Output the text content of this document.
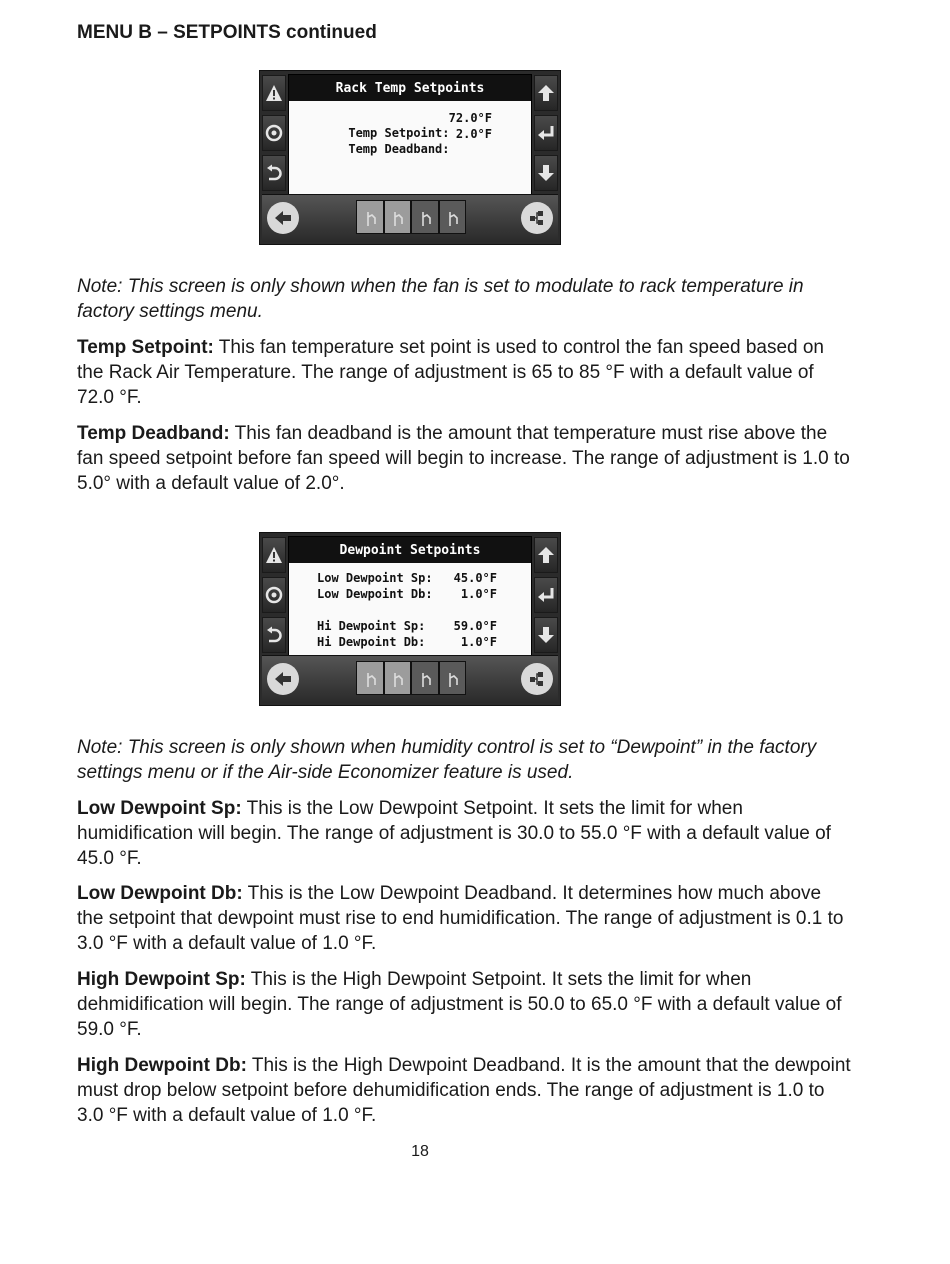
MENU B – SETPOINTS continued
Rack Temp Setpoints

Temp Setpoint:

72.0°F

Temp Deadband:

2.0°F

Note: This screen is only shown when the fan is set to modulate to rack temperature in factory settings menu.

Temp Setpoint: This fan temperature set point is used to control the fan speed based on the Rack Air Temperature. The range of adjustment is 65 to 85 °F with a default value of 72.0 °F.

Temp Deadband: This fan deadband is the amount that temperature must rise above the fan speed setpoint before fan speed will begin to increase. The range of adjustment is 1.0 to 5.0° with a default value of 2.0°.

Dewpoint Setpoints
Low Dewpoint Sp:	45.0°F
Low Dewpoint Db:	1.0°F
Hi Dewpoint Sp:	59.0°F
Hi Dewpoint Db:	1.0°F

Note: This screen is only shown when humidity control is set to “Dewpoint” in the factory settings menu or if the Air-side Economizer feature is used.

Low Dewpoint Sp: This is the Low Dewpoint Setpoint. It sets the limit for when humidification will begin. The range of adjustment is 30.0 to 55.0 °F with a default value of 45.0 °F.

Low Dewpoint Db: This is the Low Dewpoint Deadband. It determines how much above the setpoint that dewpoint must rise to end humidification. The range of adjustment is 0.1 to 3.0 °F with a default value of 1.0 °F.

High Dewpoint Sp: This is the High Dewpoint Setpoint. It sets the limit for when dehmidification will begin. The range of adjustment is 50.0 to 65.0 °F with a default value of 59.0 °F.

High Dewpoint Db: This is the High Dewpoint Deadband. It is the amount that the dewpoint must drop below setpoint before dehumidification ends. The range of adjustment is 1.0 to 3.0 °F with a default value of 1.0 °F.

18
